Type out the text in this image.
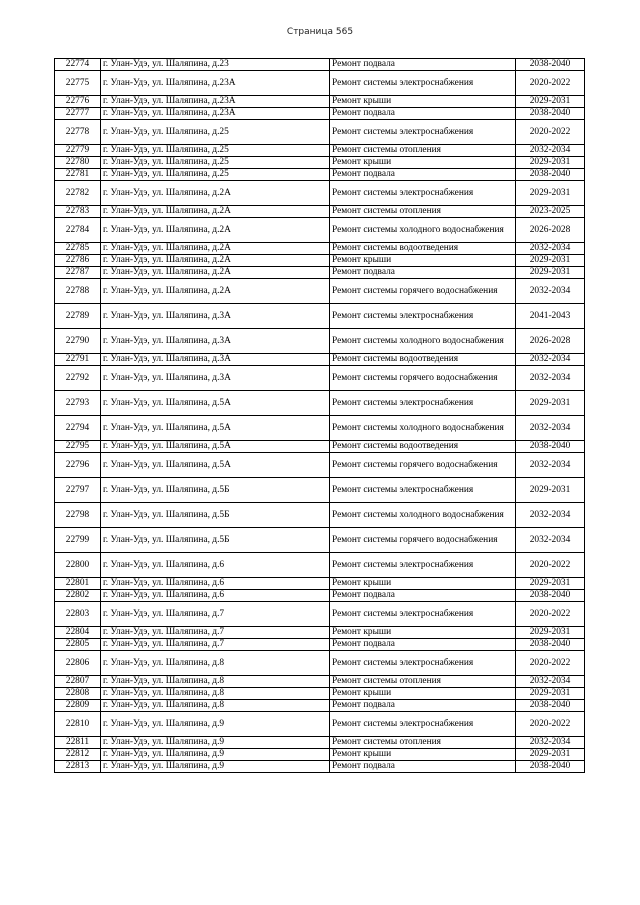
Страница 565
22774	г. Улан-Удэ, ул. Шаляпина, д.23	Ремонт подвала	2038-2040
22775	г. Улан-Удэ, ул. Шаляпина, д.23А	Ремонт системы электроснабжения	2020-2022
22776	г. Улан-Удэ, ул. Шаляпина, д.23А	Ремонт крыши	2029-2031
22777	г. Улан-Удэ, ул. Шаляпина, д.23А	Ремонт подвала	2038-2040
22778	г. Улан-Удэ, ул. Шаляпина, д.25	Ремонт системы электроснабжения	2020-2022
22779	г. Улан-Удэ, ул. Шаляпина, д.25	Ремонт системы отопления	2032-2034
22780	г. Улан-Удэ, ул. Шаляпина, д.25	Ремонт крыши	2029-2031
22781	г. Улан-Удэ, ул. Шаляпина, д.25	Ремонт подвала	2038-2040
22782	г. Улан-Удэ, ул. Шаляпина, д.2А	Ремонт системы электроснабжения	2029-2031
22783	г. Улан-Удэ, ул. Шаляпина, д.2А	Ремонт системы отопления	2023-2025
22784	г. Улан-Удэ, ул. Шаляпина, д.2А	Ремонт системы холодного водоснабжения	2026-2028
22785	г. Улан-Удэ, ул. Шаляпина, д.2А	Ремонт системы водоотведения	2032-2034
22786	г. Улан-Удэ, ул. Шаляпина, д.2А	Ремонт крыши	2029-2031
22787	г. Улан-Удэ, ул. Шаляпина, д.2А	Ремонт подвала	2029-2031
22788	г. Улан-Удэ, ул. Шаляпина, д.2А	Ремонт системы горячего водоснабжения	2032-2034
22789	г. Улан-Удэ, ул. Шаляпина, д.3А	Ремонт системы электроснабжения	2041-2043
22790	г. Улан-Удэ, ул. Шаляпина, д.3А	Ремонт системы холодного водоснабжения	2026-2028
22791	г. Улан-Удэ, ул. Шаляпина, д.3А	Ремонт системы водоотведения	2032-2034
22792	г. Улан-Удэ, ул. Шаляпина, д.3А	Ремонт системы горячего водоснабжения	2032-2034
22793	г. Улан-Удэ, ул. Шаляпина, д.5А	Ремонт системы электроснабжения	2029-2031
22794	г. Улан-Удэ, ул. Шаляпина, д.5А	Ремонт системы холодного водоснабжения	2032-2034
22795	г. Улан-Удэ, ул. Шаляпина, д.5А	Ремонт системы водоотведения	2038-2040
22796	г. Улан-Удэ, ул. Шаляпина, д.5А	Ремонт системы горячего водоснабжения	2032-2034
22797	г. Улан-Удэ, ул. Шаляпина, д.5Б	Ремонт системы электроснабжения	2029-2031
22798	г. Улан-Удэ, ул. Шаляпина, д.5Б	Ремонт системы холодного водоснабжения	2032-2034
22799	г. Улан-Удэ, ул. Шаляпина, д.5Б	Ремонт системы горячего водоснабжения	2032-2034
22800	г. Улан-Удэ, ул. Шаляпина, д.6	Ремонт системы электроснабжения	2020-2022
22801	г. Улан-Удэ, ул. Шаляпина, д.6	Ремонт крыши	2029-2031
22802	г. Улан-Удэ, ул. Шаляпина, д.6	Ремонт подвала	2038-2040
22803	г. Улан-Удэ, ул. Шаляпина, д.7	Ремонт системы электроснабжения	2020-2022
22804	г. Улан-Удэ, ул. Шаляпина, д.7	Ремонт крыши	2029-2031
22805	г. Улан-Удэ, ул. Шаляпина, д.7	Ремонт подвала	2038-2040
22806	г. Улан-Удэ, ул. Шаляпина, д.8	Ремонт системы электроснабжения	2020-2022
22807	г. Улан-Удэ, ул. Шаляпина, д.8	Ремонт системы отопления	2032-2034
22808	г. Улан-Удэ, ул. Шаляпина, д.8	Ремонт крыши	2029-2031
22809	г. Улан-Удэ, ул. Шаляпина, д.8	Ремонт подвала	2038-2040
22810	г. Улан-Удэ, ул. Шаляпина, д.9	Ремонт системы электроснабжения	2020-2022
22811	г. Улан-Удэ, ул. Шаляпина, д.9	Ремонт системы отопления	2032-2034
22812	г. Улан-Удэ, ул. Шаляпина, д.9	Ремонт крыши	2029-2031
22813	г. Улан-Удэ, ул. Шаляпина, д.9	Ремонт подвала	2038-2040
